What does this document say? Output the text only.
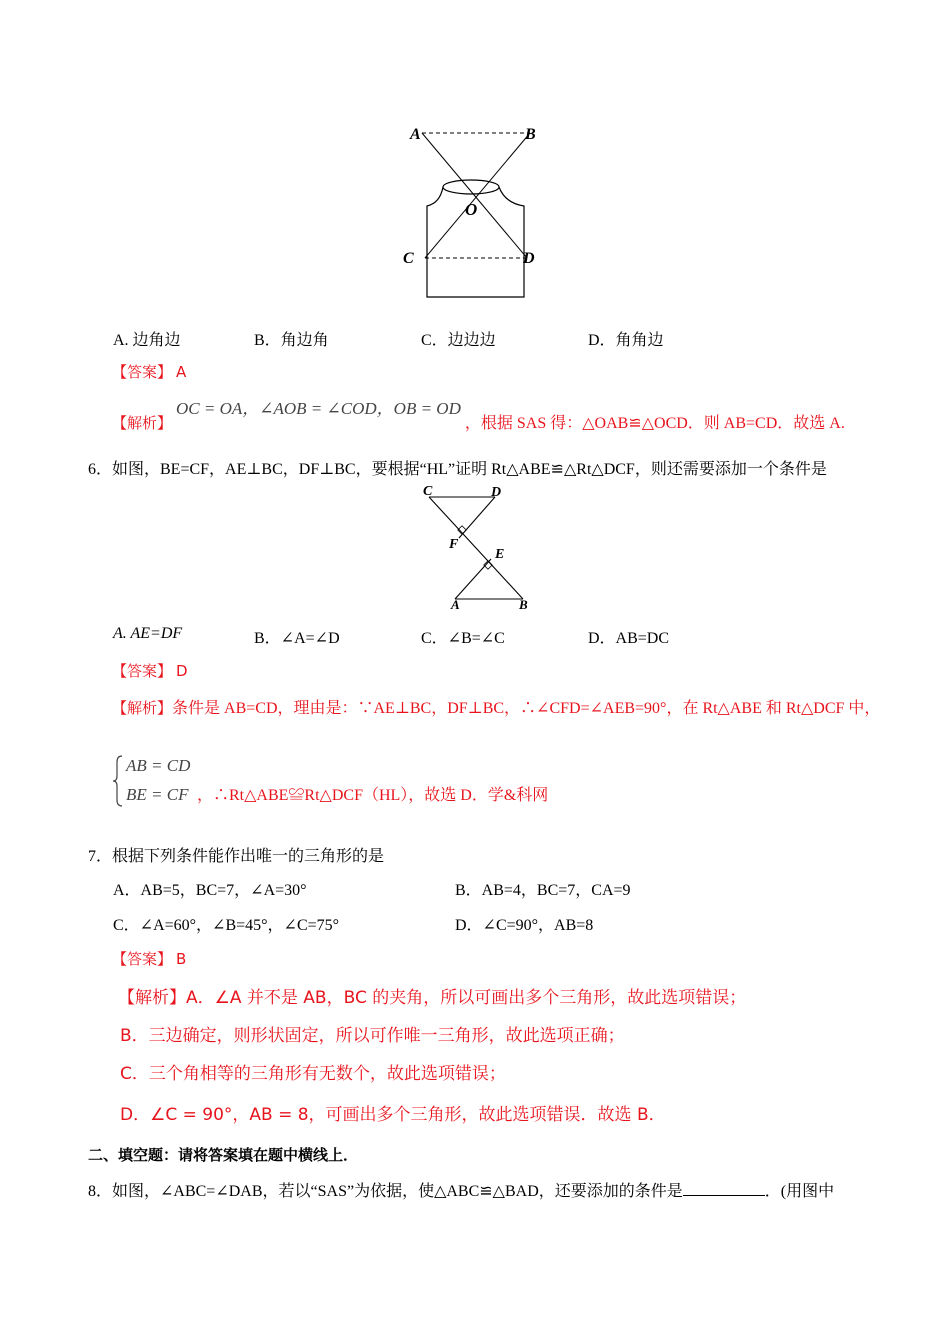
A	B
O
C	D
A. 边角边	B．角边角	C．边边边	D．角角边
【答案】 A
【解析】 OC = OA，∠AOB = ∠COD，OB = OD ，根据 SAS 得：△OAB≌△OCD．则 AB=CD．故选 A.
6．如图，BE=CF，AE⊥BC，DF⊥BC，要根据“HL”证明 Rt△ABE≌△Rt△DCF，则还需要添加一个条件是
C	D
F
E
A	B
A. AE=DF	B．∠A=∠D	C．∠B=∠C	D．AB=DC
【答案】 D
【解析】条件是 AB=CD，理由是：∵AE⊥BC，DF⊥BC，∴∠CFD=∠AEB=90°，在 Rt△ABE 和 Rt△DCF 中，
AB = CD
BE = CF ，∴Rt△ABE≌Rt△DCF（HL），故选 D．学&科网
7．根据下列条件能作出唯一的三角形的是
A．AB=5，BC=7，∠A=30°	B．AB=4，BC=7，CA=9
C．∠A=60°，∠B=45°，∠C=75°	D．∠C=90°，AB=8
【答案】 B
【解析】A．∠A 并不是 AB，BC 的夹角，所以可画出多个三角形，故此选项错误；
B．三边确定，则形状固定，所以可作唯一三角形，故此选项正确；
C．三个角相等的三角形有无数个，故此选项错误；
D．∠C = 90°，AB = 8，可画出多个三角形，故此选项错误．故选 B．
二、填空题：请将答案填在题中横线上．
8．如图，∠ABC=∠DAB，若以“SAS”为依据，使△ABC≌△BAD，还要添加的条件是	．(用图中
